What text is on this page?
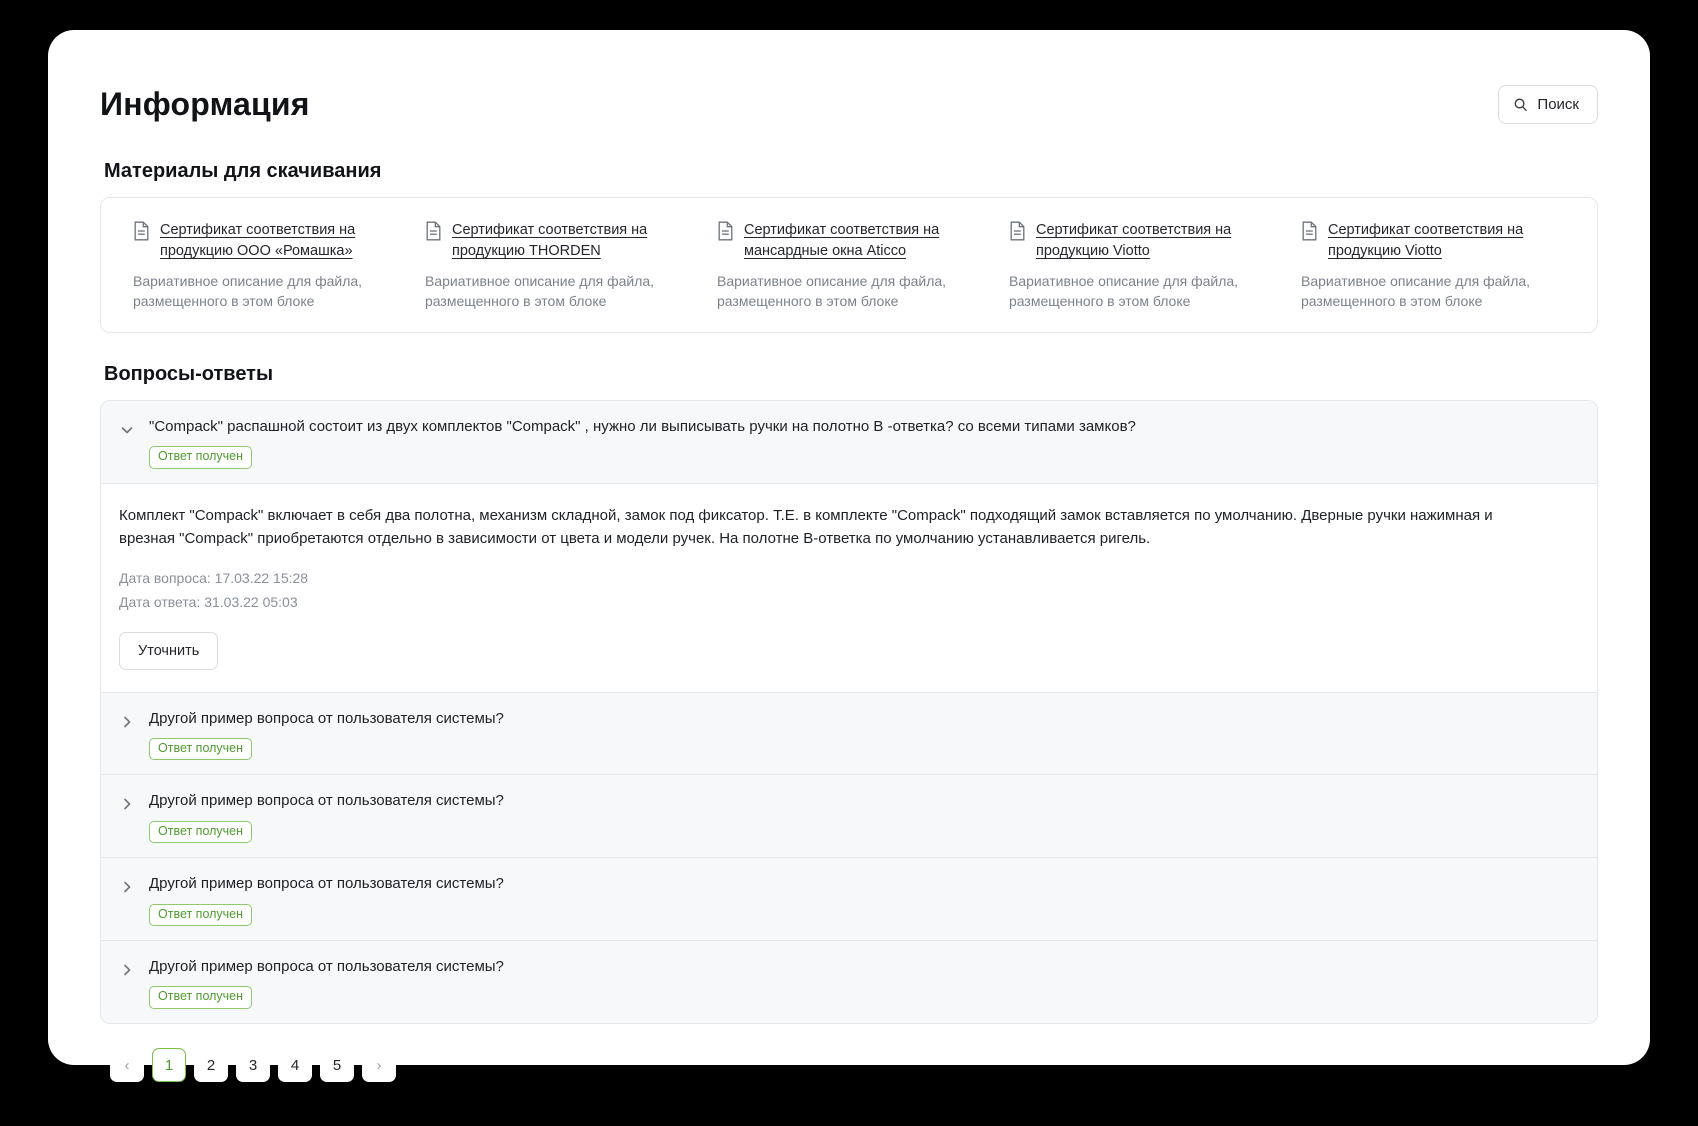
Информация	Поиск
Материалы для скачивания
Сертификат соответствия на продукцию ООО «Ромашка»
Вариативное описание для файла, размещенного в этом блоке
Сертификат соответствия на продукцию THORDEN
Вариативное описание для файла, размещенного в этом блоке
Сертификат соответствия на мансардные окна Aticco
Вариативное описание для файла, размещенного в этом блоке
Сертификат соответствия на продукцию Viotto
Вариативное описание для файла, размещенного в этом блоке
Сертификат соответствия на продукцию Viotto
Вариативное описание для файла, размещенного в этом блоке
Вопросы-ответы
"Compack" распашной состоит из двух комплектов "Compack" , нужно ли выписывать ручки на полотно В -ответка? со всеми типами замков?
Ответ получен
Комплект "Compack" включает в себя два полотна, механизм складной, замок под фиксатор. Т.Е. в комплекте "Compack" подходящий замок вставляется по умолчанию. Дверные ручки нажимная и врезная "Compack" приобретаются отдельно в зависимости от цвета и модели ручек. На полотне В-ответка по умолчанию устанавливается ригель.
Дата вопроса: 17.03.22 15:28
Дата ответа: 31.03.22 05:03
Уточнить
Другой пример вопроса от пользователя системы?
Ответ получен
Другой пример вопроса от пользователя системы?
Ответ получен
Другой пример вопроса от пользователя системы?
Ответ получен
Другой пример вопроса от пользователя системы?
Ответ получен
‹	1	2	3	4	5	›
